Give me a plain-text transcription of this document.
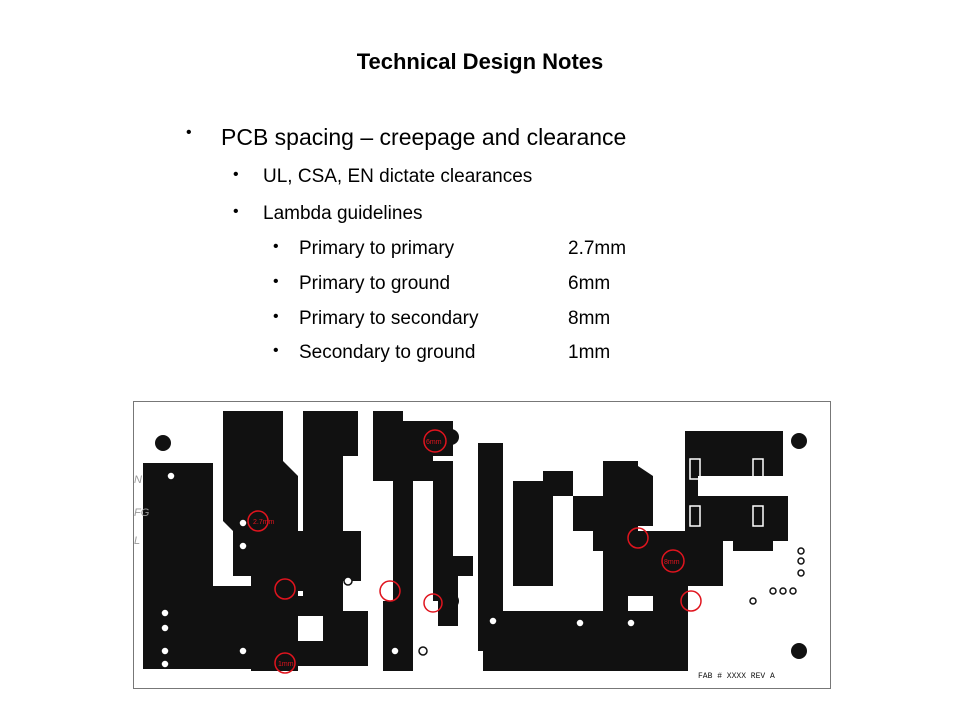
Technical Design Notes
• PCB spacing – creepage and clearance
• UL, CSA, EN dictate clearances
• Lambda guidelines
• Primary to primary	2.7mm
• Primary to ground	6mm
• Primary to secondary	8mm
• Secondary to ground	1mm
N
FG
L
2.7mm
6mm
8mm
1mm
FAB # XXXX REV A
